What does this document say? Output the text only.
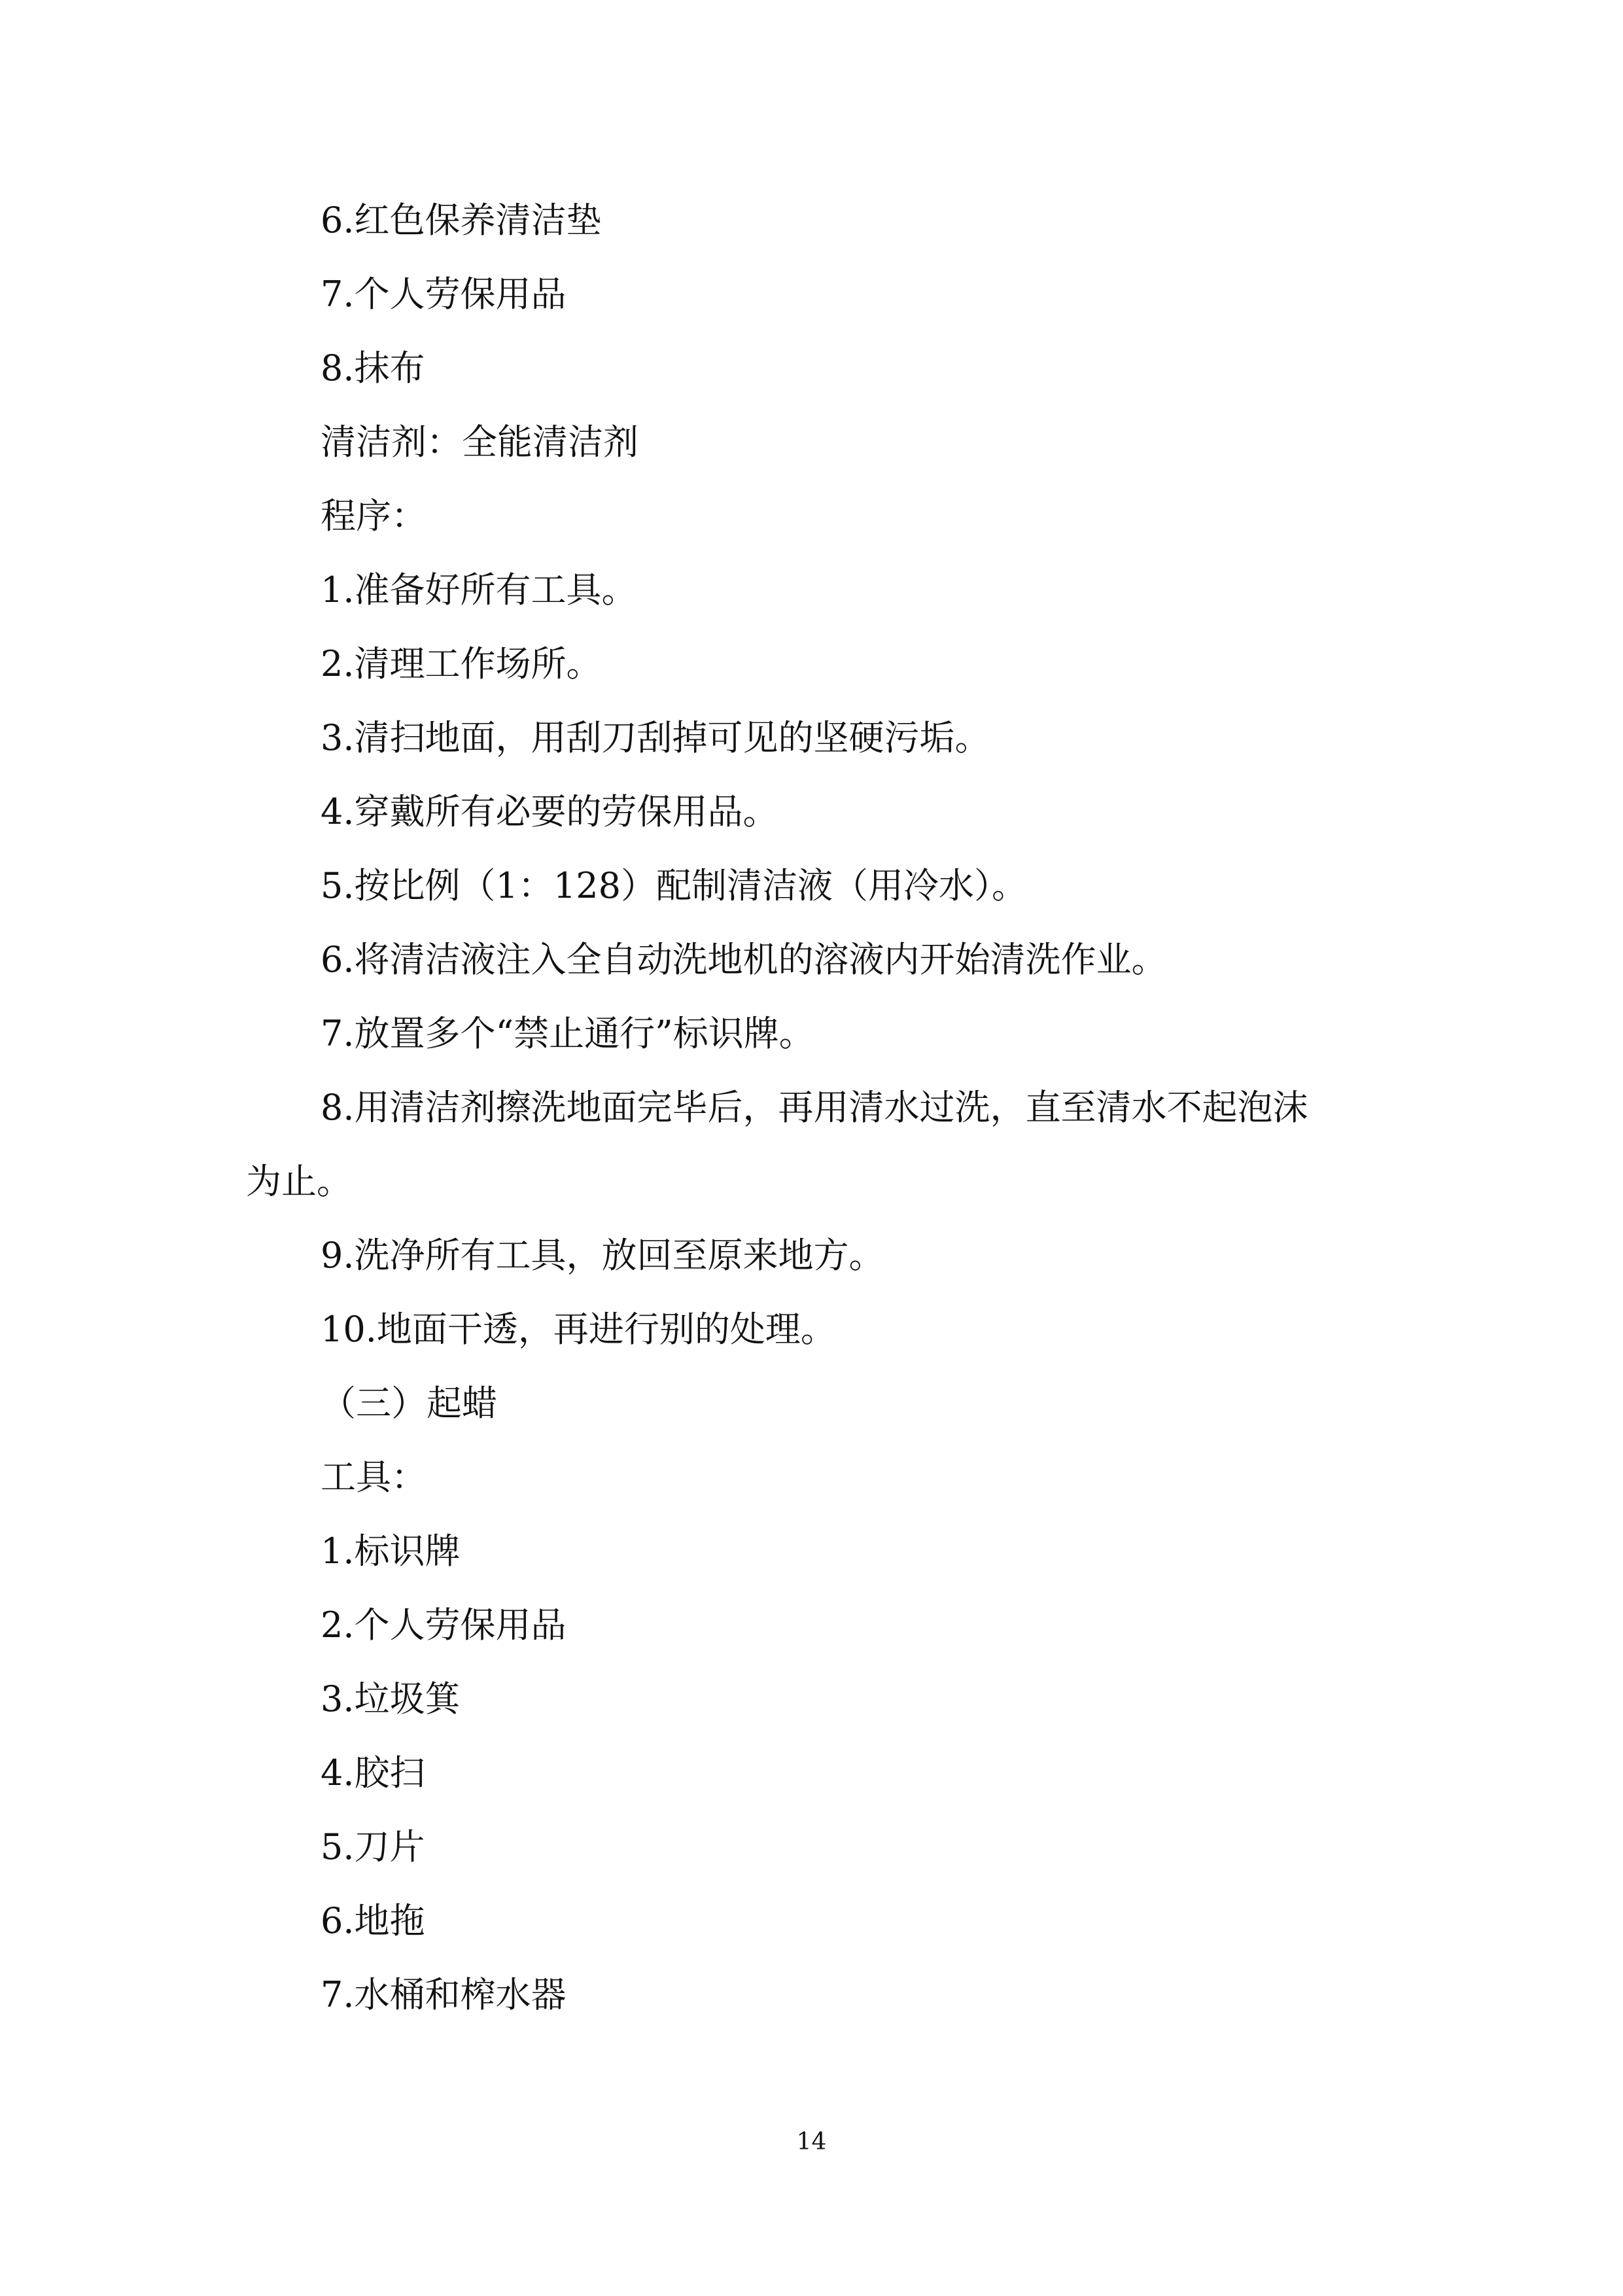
6.红色保养清洁垫
7.个人劳保用品
8.抹布
清洁剂：全能清洁剂
程序：
1.准备好所有工具。
2.清理工作场所。
3.清扫地面，用刮刀刮掉可见的坚硬污垢。
4.穿戴所有必要的劳保用品。
5.按比例（1：128）配制清洁液（用冷水）。
6.将清洁液注入全自动洗地机的溶液内开始清洗作业。
7.放置多个“禁止通行”标识牌。
8.用清洁剂擦洗地面完毕后，再用清水过洗，直至清水不起泡沫
为止。
9.洗净所有工具，放回至原来地方。
10.地面干透，再进行别的处理。
（三）起蜡
工具：
1.标识牌
2.个人劳保用品
3.垃圾箕
4.胶扫
5.刀片
6.地拖
7.水桶和榨水器
14
